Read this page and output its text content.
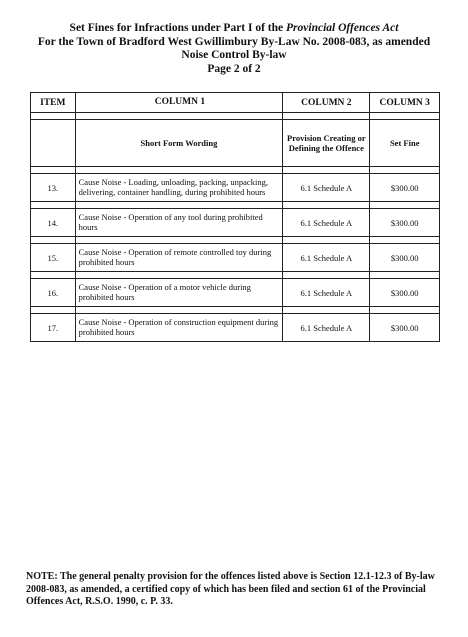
Set Fines for Infractions under Part I of the Provincial Offences Act
For the Town of Bradford West Gwillimbury By-Law No. 2008-083, as amended
Noise Control By-law
Page 2 of 2
ITEM	COLUMN 1	COLUMN 2	COLUMN 3

	Short Form Wording	Provision Creating or Defining the Offence	Set Fine

13.	Cause Noise - Loading, unloading, packing, unpacking, delivering, container handling, during prohibited hours	6.1 Schedule A	$300.00

14.	Cause Noise - Operation of any tool during prohibited hours	6.1 Schedule A	$300.00

15.	Cause Noise - Operation of remote controlled toy during prohibited hours	6.1 Schedule A	$300.00

16.	Cause Noise - Operation of a motor vehicle during prohibited hours	6.1 Schedule A	$300.00

17.	Cause Noise - Operation of construction equipment during prohibited hours	6.1 Schedule A	$300.00
NOTE: The general penalty provision for the offences listed above is Section 12.1-12.3 of By-law 2008-083, as amended, a certified copy of which has been filed and section 61 of the Provincial Offences Act, R.S.O. 1990, c. P. 33.
